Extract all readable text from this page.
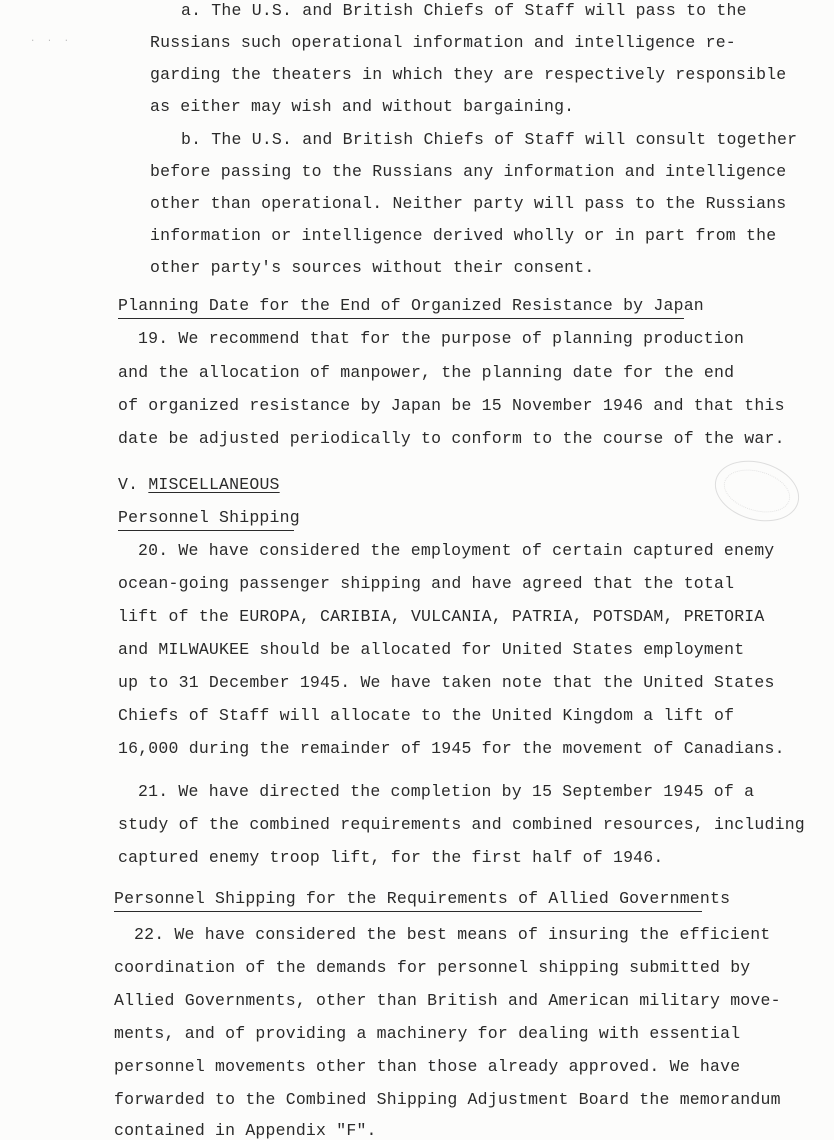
· · ·
a. The U.S. and British Chiefs of Staff will pass to the
Russians such operational information and intelligence re-
garding the theaters in which they are respectively responsible
as either may wish and without bargaining.
b. The U.S. and British Chiefs of Staff will consult together
before passing to the Russians any information and intelligence
other than operational. Neither party will pass to the Russians
information or intelligence derived wholly or in part from the
other party's sources without their consent.
Planning Date for the End of Organized Resistance by Japan
19. We recommend that for the purpose of planning production
and the allocation of manpower, the planning date for the end
of organized resistance by Japan be 15 November 1946 and that this
date be adjusted periodically to conform to the course of the war.
V. MISCELLANEOUS
Personnel Shipping
20. We have considered the employment of certain captured enemy
ocean-going passenger shipping and have agreed that the total
lift of the EUROPA, CARIBIA, VULCANIA, PATRIA, POTSDAM, PRETORIA
and MILWAUKEE should be allocated for United States employment
up to 31 December 1945. We have taken note that the United States
Chiefs of Staff will allocate to the United Kingdom a lift of
16,000 during the remainder of 1945 for the movement of Canadians.
21. We have directed the completion by 15 September 1945 of a
study of the combined requirements and combined resources, including
captured enemy troop lift, for the first half of 1946.
Personnel Shipping for the Requirements of Allied Governments
22. We have considered the best means of insuring the efficient
coordination of the demands for personnel shipping submitted by
Allied Governments, other than British and American military move-
ments, and of providing a machinery for dealing with essential
personnel movements other than those already approved. We have
forwarded to the Combined Shipping Adjustment Board the memorandum
contained in Appendix "F".
